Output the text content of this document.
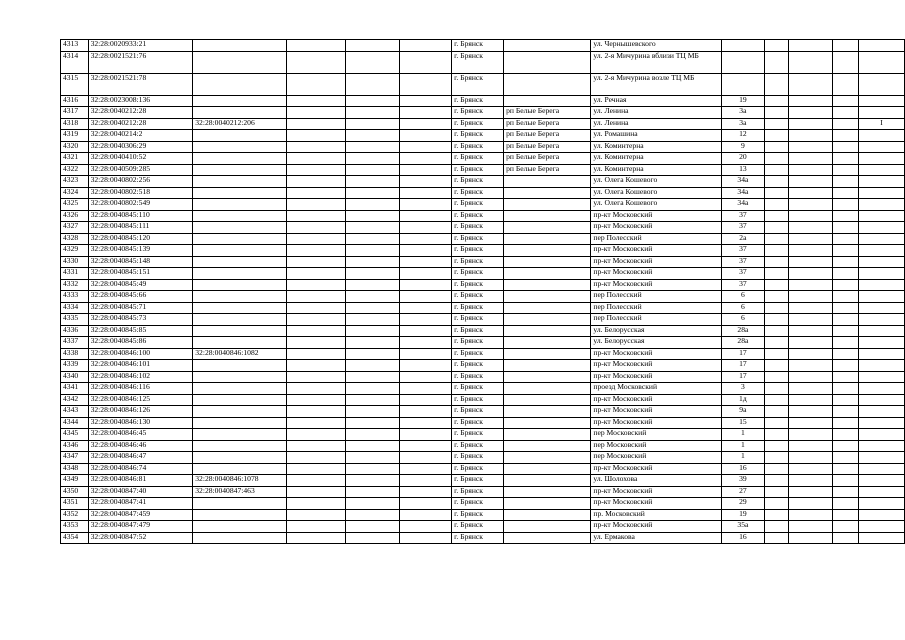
4313	32:28:0020933:21					г. Брянск		ул. Чернышевского					
4314	32:28:0021521:76					г. Брянск		ул. 2-я Мичурина вблизи ТЦ МБ					
4315	32:28:0021521:78					г. Брянск		ул. 2-я Мичурина возле ТЦ МБ					
4316	32:28:0023008:136					г. Брянск		ул. Речная	19				
4317	32:28:0040212:28					г. Брянск	рп Белые Берега	ул. Ленина	3а				
4318	32:28:0040212:28	32:28:0040212:206				г. Брянск	рп Белые Берега	ул. Ленина	3а				I
4319	32:28:0040214:2					г. Брянск	рп Белые Берега	ул. Ромашина	12				
4320	32:28:0040306:29					г. Брянск	рп Белые Берега	ул. Коминтерна	9				
4321	32:28:0040410:52					г. Брянск	рп Белые Берега	ул. Коминтерна	20				
4322	32:28:0040509:285					г. Брянск	рп Белые Берега	ул. Коминтерна	13				
4323	32:28:0040802:256					г. Брянск		ул. Олега Кошевого	34а				
4324	32:28:0040802:518					г. Брянск		ул. Олега Кошевого	34а				
4325	32:28:0040802:549					г. Брянск		ул. Олега Кошевого	34а				
4326	32:28:0040845:110					г. Брянск		пр-кт Московский	37				
4327	32:28:0040845:111					г. Брянск		пр-кт Московский	37				
4328	32:28:0040845:120					г. Брянск		пер Полесский	2а				
4329	32:28:0040845:139					г. Брянск		пр-кт Московский	37				
4330	32:28:0040845:148					г. Брянск		пр-кт Московский	37				
4331	32:28:0040845:151					г. Брянск		пр-кт Московский	37				
4332	32:28:0040845:49					г. Брянск		пр-кт Московский	37				
4333	32:28:0040845:66					г. Брянск		пер Полесский	6				
4334	32:28:0040845:71					г. Брянск		пер Полесский	6				
4335	32:28:0040845:73					г. Брянск		пер Полесский	6				
4336	32:28:0040845:85					г. Брянск		ул. Белорусская	28а				
4337	32:28:0040845:86					г. Брянск		ул. Белорусская	28а				
4338	32:28:0040846:100	32:28:0040846:1082				г. Брянск		пр-кт Московский	17				
4339	32:28:0040846:101					г. Брянск		пр-кт Московский	17				
4340	32:28:0040846:102					г. Брянск		пр-кт Московский	17				
4341	32:28:0040846:116					г. Брянск		проезд Московский	3				
4342	32:28:0040846:125					г. Брянск		пр-кт Московский	1д				
4343	32:28:0040846:126					г. Брянск		пр-кт Московский	9а				
4344	32:28:0040846:130					г. Брянск		пр-кт Московский	15				
4345	32:28:0040846:45					г. Брянск		пер Московский	1				
4346	32:28:0040846:46					г. Брянск		пер Московский	1				
4347	32:28:0040846:47					г. Брянск		пер Московский	1				
4348	32:28:0040846:74					г. Брянск		пр-кт Московский	16				
4349	32:28:0040846:81	32:28:0040846:1078				г. Брянск		ул. Шолохова	39				
4350	32:28:0040847:40	32:28:0040847:463				г. Брянск		пр-кт Московский	27				
4351	32:28:0040847:41					г. Брянск		пр-кт Московский	29				
4352	32:28:0040847:459					г. Брянск		пр. Московский	19				
4353	32:28:0040847:479					г. Брянск		пр-кт Московский	35а				
4354	32:28:0040847:52					г. Брянск		ул. Ермакова	16				
